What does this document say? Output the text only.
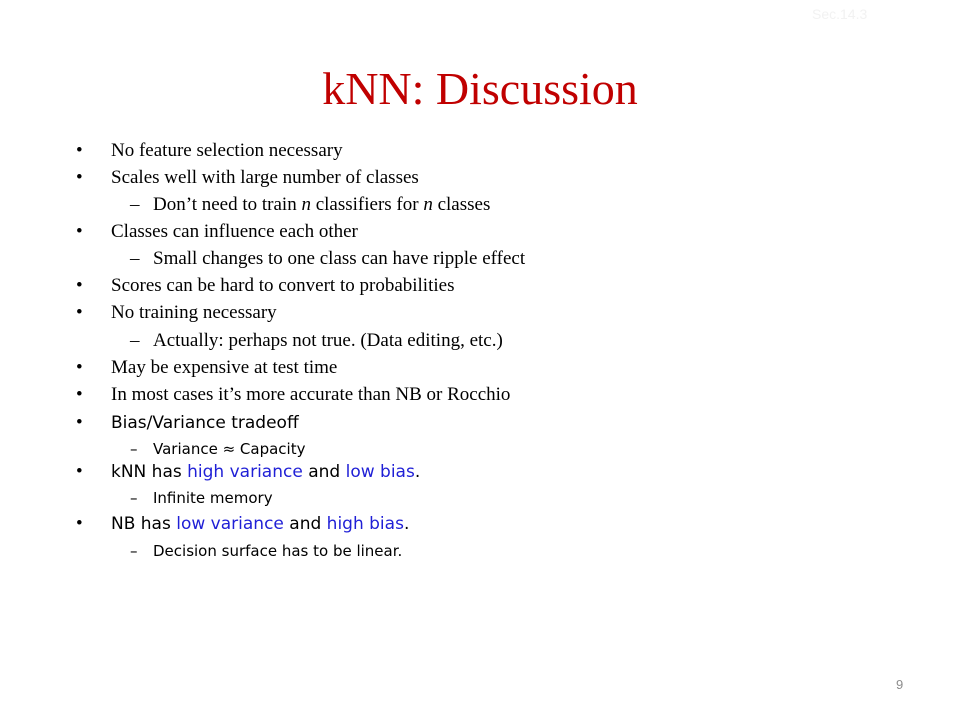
Sec.14.3
kNN: Discussion
• No feature selection necessary
• Scales well with large number of classes
– Don’t need to train n classifiers for n classes
• Classes can influence each other
– Small changes to one class can have ripple effect
• Scores can be hard to convert to probabilities
• No training necessary
– Actually: perhaps not true. (Data editing, etc.)
• May be expensive at test time
• In most cases it’s more accurate than NB or Rocchio
• Bias/Variance tradeoff
– Variance ≈ Capacity
• kNN has high variance and low bias.
– Infinite memory
• NB has low variance and high bias.
– Decision surface has to be linear.
9
